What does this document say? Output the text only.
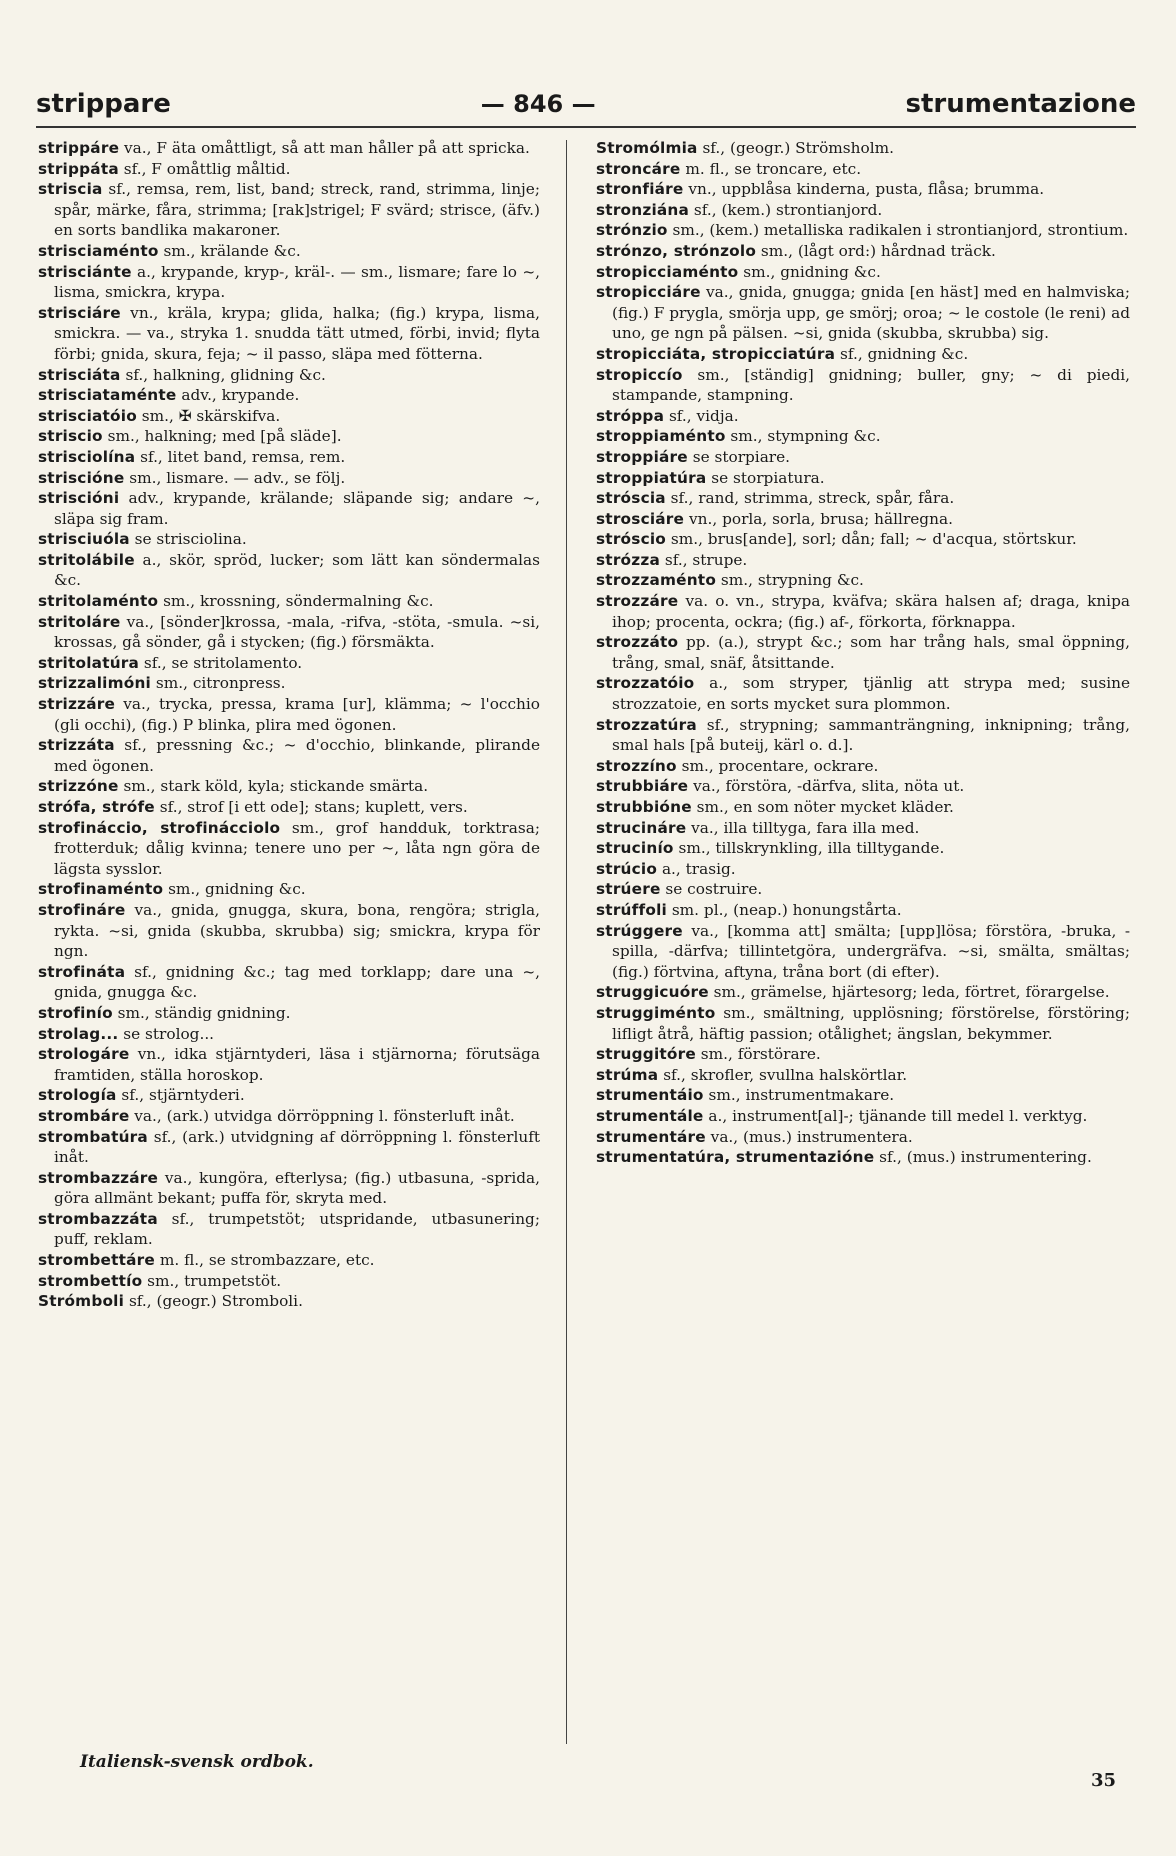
strippare	— 846 —	strumentazione

strippáre va., F äta omåttligt, så att man håller på att spricka.

strippáta sf., F omåttlig måltid.

striscia sf., remsa, rem, list, band; streck, rand, strimma, linje; spår, märke, fåra, strimma; [rak]strigel; F svärd; strisce, (äfv.) en sorts bandlika makaroner.

strisciaménto sm., krälande &c.

strisciánte a., krypande, kryp-, kräl-. — sm., lismare; fare lo ~, lisma, smickra, krypa.

strisciáre vn., kräla, krypa; glida, halka; (fig.) krypa, lisma, smickra. — va., stryka 1. snudda tätt utmed, förbi, invid; flyta förbi; gnida, skura, feja; ~ il passo, släpa med fötterna.

strisciáta sf., halkning, glidning &c.

strisciataménte adv., krypande.

strisciatóio sm., ✠ skärskifva.

striscio sm., halkning; med [på släde].

strisciolína sf., litet band, remsa, rem.

striscióne sm., lismare. — adv., se följ.

striscióni adv., krypande, krälande; släpande sig; andare ~, släpa sig fram.

strisciuóla se strisciolina.

stritolábile a., skör, spröd, lucker; som lätt kan söndermalas &c.

stritolaménto sm., krossning, söndermalning &c.

stritoláre va., [sönder]krossa, -mala, -rifva, -stöta, -smula. ~si, krossas, gå sönder, gå i stycken; (fig.) försmäkta.

stritolatúra sf., se stritolamento.

strizzalimóni sm., citronpress.

strizzáre va., trycka, pressa, krama [ur], klämma; ~ l'occhio (gli occhi), (fig.) P blinka, plira med ögonen.

strizzáta sf., pressning &c.; ~ d'occhio, blinkande, plirande med ögonen.

strizzóne sm., stark köld, kyla; stickande smärta.

strófa, strófe sf., strof [i ett ode]; stans; kuplett, vers.

strofináccio, strofinácciolo sm., grof handduk, torktrasa; frotterduk; dålig kvinna; tenere uno per ~, låta ngn göra de lägsta sysslor.

strofinaménto sm., gnidning &c.

strofináre va., gnida, gnugga, skura, bona, rengöra; strigla, rykta. ~si, gnida (skubba, skrubba) sig; smickra, krypa för ngn.

strofináta sf., gnidning &c.; tag med torklapp; dare una ~, gnida, gnugga &c.

strofinío sm., ständig gnidning.

strolag... se strolog...

strologáre vn., idka stjärntyderi, läsa i stjärnorna; förutsäga framtiden, ställa horoskop.

strología sf., stjärntyderi.

strombáre va., (ark.) utvidga dörröppning l. fönsterluft inåt.

strombatúra sf., (ark.) utvidgning af dörröppning l. fönsterluft inåt.

strombazzáre va., kungöra, efterlysa; (fig.) utbasuna, -sprida, göra allmänt bekant; puffa för, skryta med.

strombazzáta sf., trumpetstöt; utspridande, utbasunering; puff, reklam.

strombettáre m. fl., se strombazzare, etc.

strombettío sm., trumpetstöt.

Strómboli sf., (geogr.) Stromboli.

Stromólmia sf., (geogr.) Strömsholm.

stroncáre m. fl., se troncare, etc.

stronfiáre vn., uppblåsa kinderna, pusta, flåsa; brumma.

stronziána sf., (kem.) strontianjord.

strónzio sm., (kem.) metalliska radikalen i strontianjord, strontium.

strónzo, strónzolo sm., (lågt ord:) hårdnad träck.

stropicciaménto sm., gnidning &c.

stropicciáre va., gnida, gnugga; gnida [en häst] med en halmviska; (fig.) F prygla, smörja upp, ge smörj; oroa; ~ le costole (le reni) ad uno, ge ngn på pälsen. ~si, gnida (skubba, skrubba) sig.

stropicciáta, stropicciatúra sf., gnidning &c.

stropiccío sm., [ständig] gnidning; buller, gny; ~ di piedi, stampande, stampning.

stróppa sf., vidja.

stroppiaménto sm., stympning &c.

stroppiáre se storpiare.

stroppiatúra se storpiatura.

stróscia sf., rand, strimma, streck, spår, fåra.

strosciáre vn., porla, sorla, brusa; hällregna.

stróscio sm., brus[ande], sorl; dån; fall; ~ d'acqua, störtskur.

strózza sf., strupe.

strozzaménto sm., strypning &c.

strozzáre va. o. vn., strypa, kväfva; skära halsen af; draga, knipa ihop; procenta, ockra; (fig.) af-, förkorta, förknappa.

strozzáto pp. (a.), strypt &c.; som har trång hals, smal öppning, trång, smal, snäf, åtsittande.

strozzatóio a., som stryper, tjänlig att strypa med; susine strozzatoie, en sorts mycket sura plommon.

strozzatúra sf., strypning; sammanträngning, inknipning; trång, smal hals [på buteij, kärl o. d.].

strozzíno sm., procentare, ockrare.

strubbiáre va., förstöra, -därfva, slita, nöta ut.

strubbióne sm., en som nöter mycket kläder.

strucináre va., illa tilltyga, fara illa med.

strucinío sm., tillskrynkling, illa tilltygande.

strúcio a., trasig.

strúere se costruire.

strúffoli sm. pl., (neap.) honungstårta.

strúggere va., [komma att] smälta; [upp]lösa; förstöra, -bruka, -spilla, -därfva; tillintetgöra, undergräfva. ~si, smälta, smältas; (fig.) förtvina, aftyna, tråna bort (di efter).

struggicuóre sm., grämelse, hjärtesorg; leda, förtret, förargelse.

struggiménto sm., smältning, upplösning; förstörelse, förstöring; lifligt åtrå, häftig passion; otålighet; ängslan, bekymmer.

struggitóre sm., förstörare.

strúma sf., skrofler, svullna halskörtlar.

strumentáio sm., instrumentmakare.

strumentále a., instrument[al]-; tjänande till medel l. verktyg.

strumentáre va., (mus.) instrumentera.

strumentatúra, strumentazióne sf., (mus.) instrumentering.

Italiensk-svensk ordbok.
35
